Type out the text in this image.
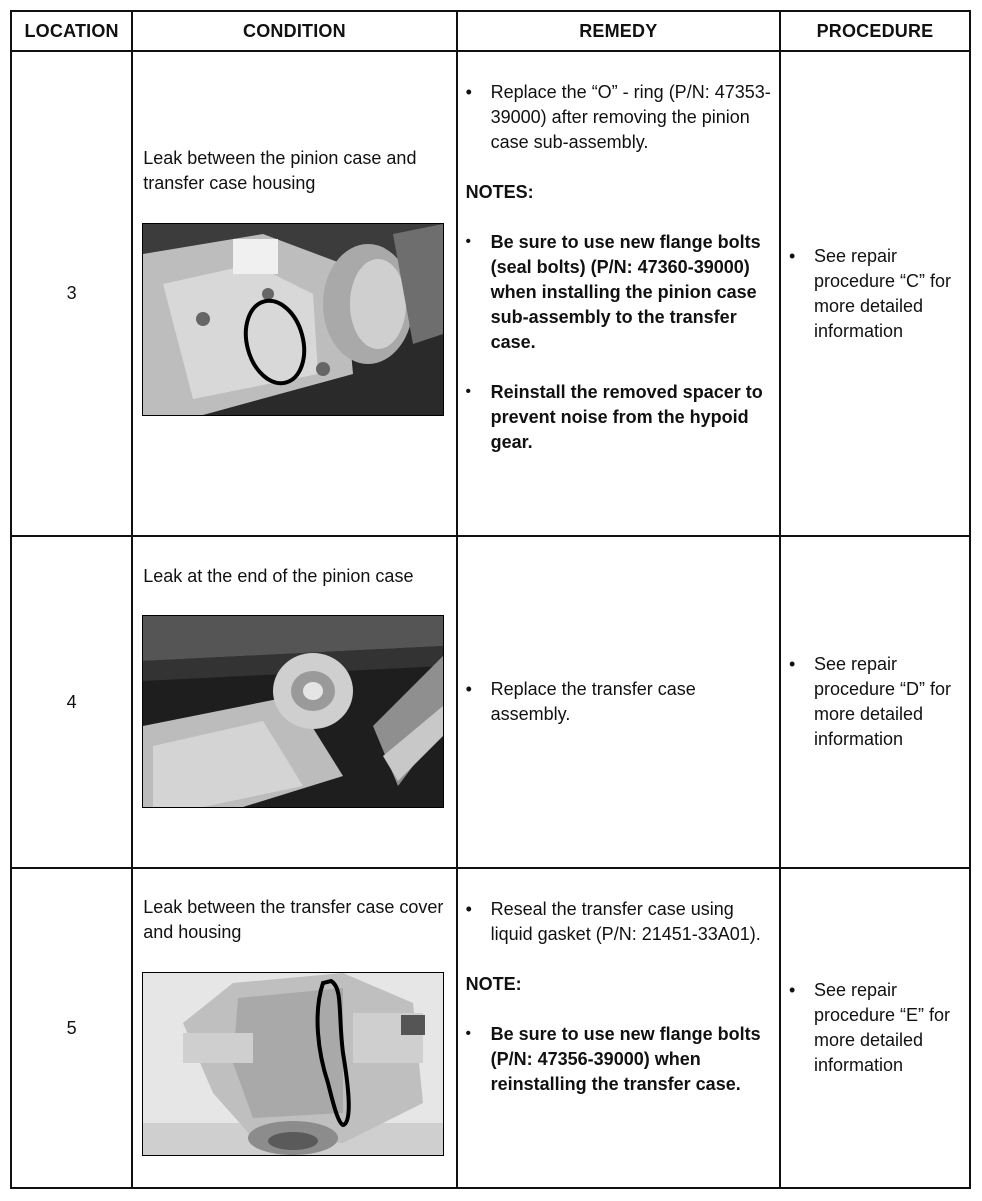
LOCATION	CONDITION	REMEDY	PROCEDURE
3	Leak between the pinion case and transfer case housing	• Replace the “O” - ring (P/N: 47353-39000) after removing the pinion case sub-assembly.
NOTES:
• Be sure to use new flange bolts (seal bolts) (P/N: 47360-39000) when installing the pinion case sub-assembly to the transfer case.
• Reinstall the removed spacer to prevent noise from the hypoid gear.	• See repair procedure “C” for more detailed information

4	Leak at the end of the pinion case	• Replace the transfer case assembly.	• See repair procedure “D” for more detailed information

5	Leak between the transfer case cover and housing	• Reseal the transfer case using liquid gasket (P/N: 21451-33A01).
NOTE:
• Be sure to use new flange bolts (P/N: 47356-39000) when reinstalling the transfer case.	• See repair procedure “E” for more detailed information
